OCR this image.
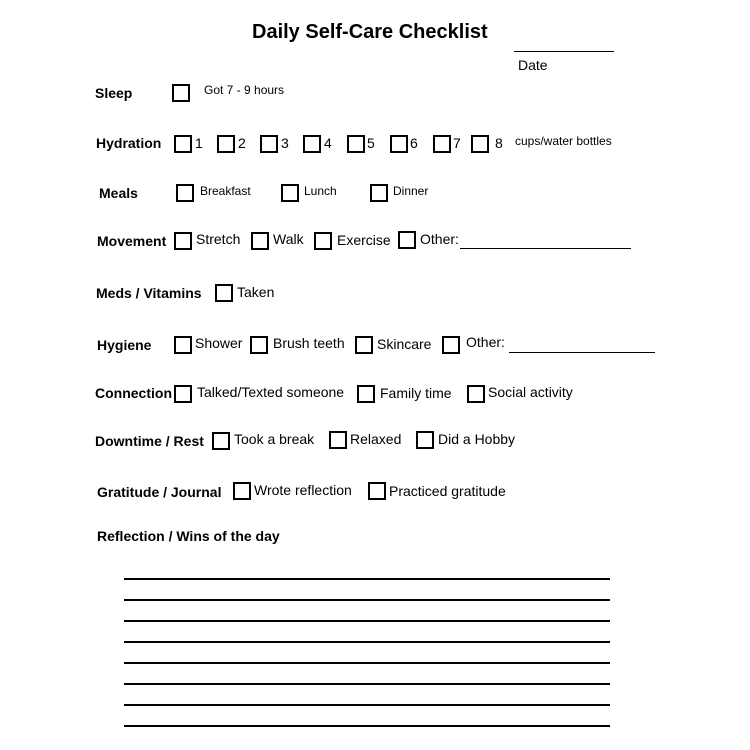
Daily Self-Care Checklist
Date
Sleep	Got 7 - 9 hours
Hydration 1	2	3	4	5	6	7 8 cups/water bottles
Meals	Breakfast	Lunch	Dinner
Movement Stretch Walk Exercise Other:
Meds / Vitamins	Taken
Hygiene	Shower Brush teeth Skincare Other:
Connection Talked/Texted someone	Family time	Social activity
Downtime / Rest Took a break	Relaxed	Did a Hobby
Gratitude / Journal Wrote reflection	Practiced gratitude
Reflection / Wins of the day
